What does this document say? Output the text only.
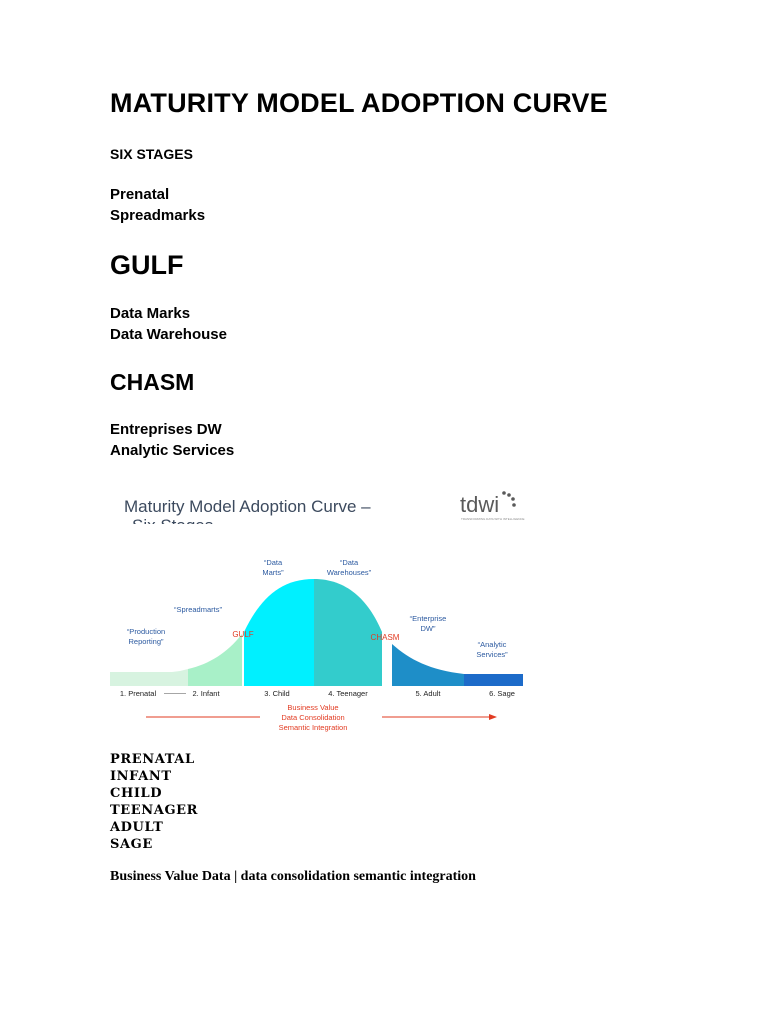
MATURITY MODEL ADOPTION CURVE

SIX STAGES

Prenatal

Spreadmarks

GULF

Data Marks

Data Warehouse

CHASM

Entreprises DW

Analytic Services

Maturity Model Adoption Curve –	tdwi
TRANSFORMING DATA WITH INTELLIGENCE
“Production
Reporting”
“Spreadmarts”
“Data
Marts”
“Data
Warehouses”
“Enterprise
DW”
“Analytic
Services”
GULF	CHASM
1. Prenatal	2. Infant	3. Child	4. Teenager	5. Adult	6. Sage
Business Value
Data Consolidation
Semantic Integration

PRENATAL

INFANT

CHILD

TEENAGER

ADULT

SAGE

Business Value Data | data consolidation semantic integration
